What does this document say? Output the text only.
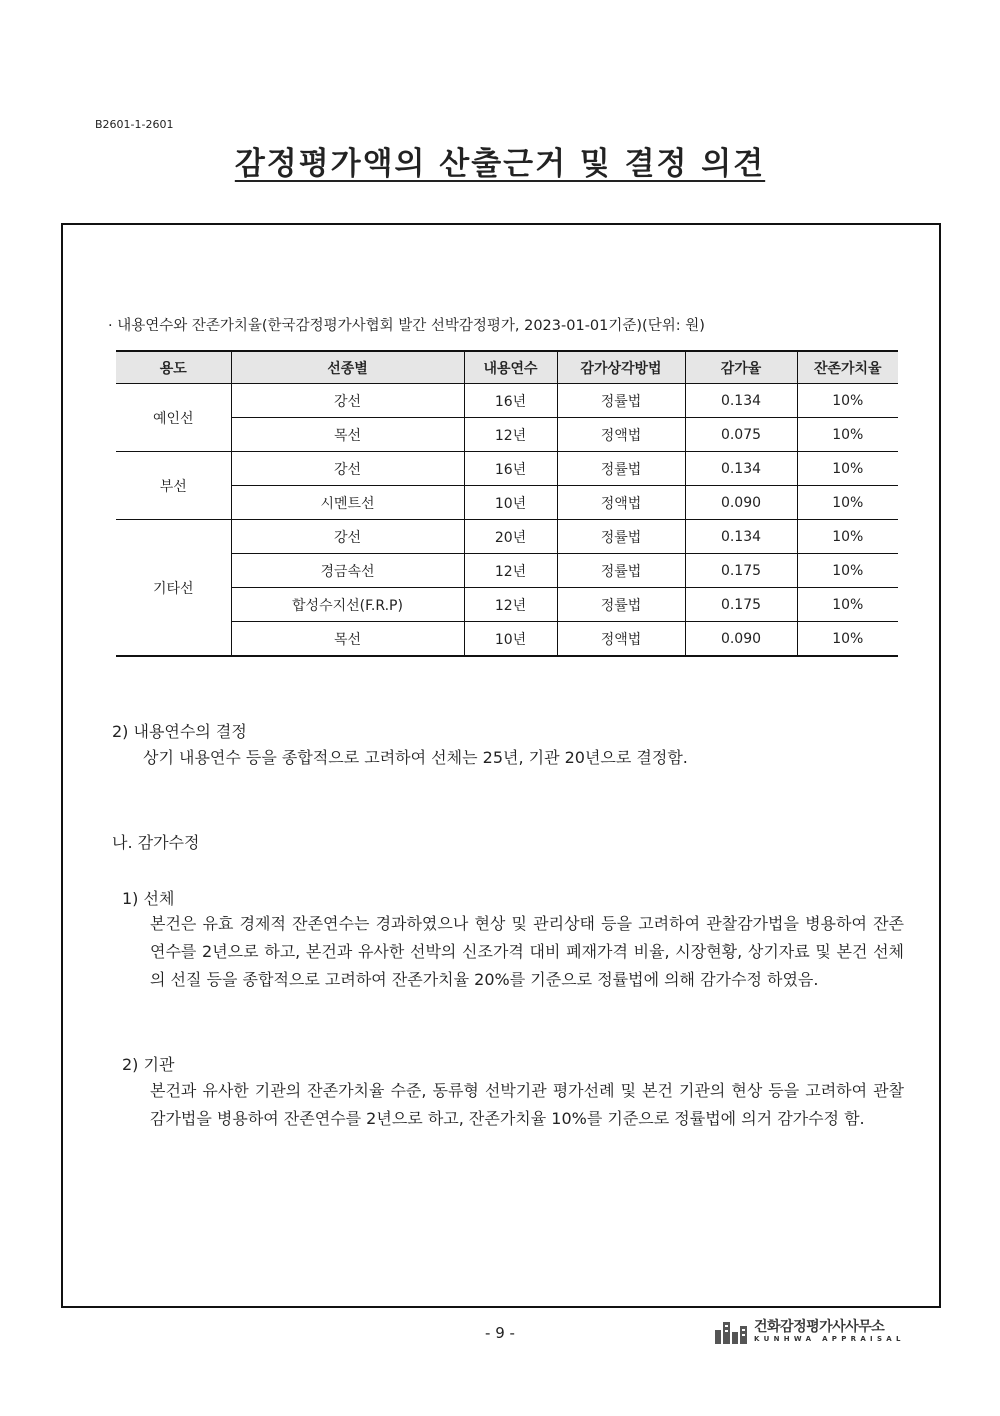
B2601-1-2601
감정평가액의 산출근거 및 결정 의견
· 내용연수와 잔존가치율(한국감정평가사협회 발간 선박감정평가, 2023-01-01기준)(단위: 원)
용도	선종별	내용연수	감가상각방법	감가율	잔존가치율
예인선	강선	16년	정률법	0.134	10%
	목선	12년	정액법	0.075	10%
부선	강선	16년	정률법	0.134	10%
	시멘트선	10년	정액법	0.090	10%
기타선	강선	20년	정률법	0.134	10%
	경금속선	12년	정률법	0.175	10%
	합성수지선(F.R.P)	12년	정률법	0.175	10%
	목선	10년	정액법	0.090	10%
2) 내용연수의 결정
상기 내용연수 등을 종합적으로 고려하여 선체는 25년, 기관 20년으로 결정함.
나. 감가수정
1) 선체
본건은 유효 경제적 잔존연수는 경과하였으나 현상 및 관리상태 등을 고려하여 관찰감가법을 병용하여 잔존연수를 2년으로 하고, 본건과 유사한 선박의 신조가격 대비 폐재가격 비율, 시장현황, 상기자료 및 본건 선체의 선질 등을 종합적으로 고려하여 잔존가치율 20%를 기준으로 정률법에 의해 감가수정 하였음.
2) 기관
본건과 유사한 기관의 잔존가치율 수준, 동류형 선박기관 평가선례 및 본건 기관의 현상 등을 고려하여 관찰감가법을 병용하여 잔존연수를 2년으로 하고, 잔존가치율 10%를 기준으로 정률법에 의거 감가수정 함.
- 9 -	건화감정평가사사무소
KUNHWA APPRAISAL
